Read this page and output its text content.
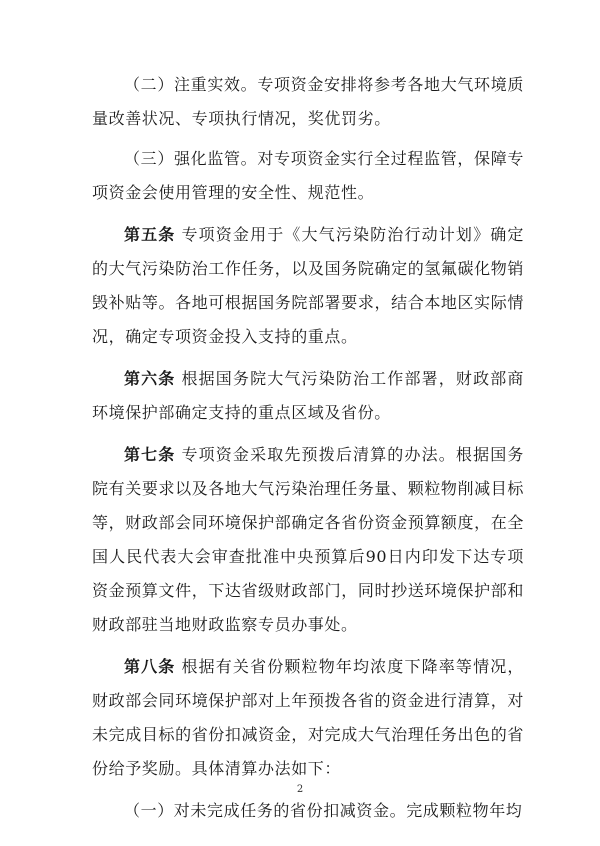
（二）注重实效。专项资金安排将参考各地大气环境质量改善状况、专项执行情况，奖优罚劣。

（三）强化监管。对专项资金实行全过程监管，保障专项资金会使用管理的安全性、规范性。

第五条 专项资金用于《大气污染防治行动计划》确定的大气污染防治工作任务，以及国务院确定的氢氟碳化物销毁补贴等。各地可根据国务院部署要求，结合本地区实际情况，确定专项资金投入支持的重点。

第六条 根据国务院大气污染防治工作部署，财政部商环境保护部确定支持的重点区域及省份。

第七条 专项资金采取先预拨后清算的办法。根据国务院有关要求以及各地大气污染治理任务量、颗粒物削减目标等，财政部会同环境保护部确定各省份资金预算额度，在全国人民代表大会审查批准中央预算后90日内印发下达专项资金预算文件，下达省级财政部门，同时抄送环境保护部和财政部驻当地财政监察专员办事处。

第八条 根据有关省份颗粒物年均浓度下降率等情况，财政部会同环境保护部对上年预拨各省的资金进行清算，对未完成目标的省份扣减资金，对完成大气治理任务出色的省份给予奖励。具体清算办法如下：

（一）对未完成任务的省份扣减资金。完成颗粒物年均

2
